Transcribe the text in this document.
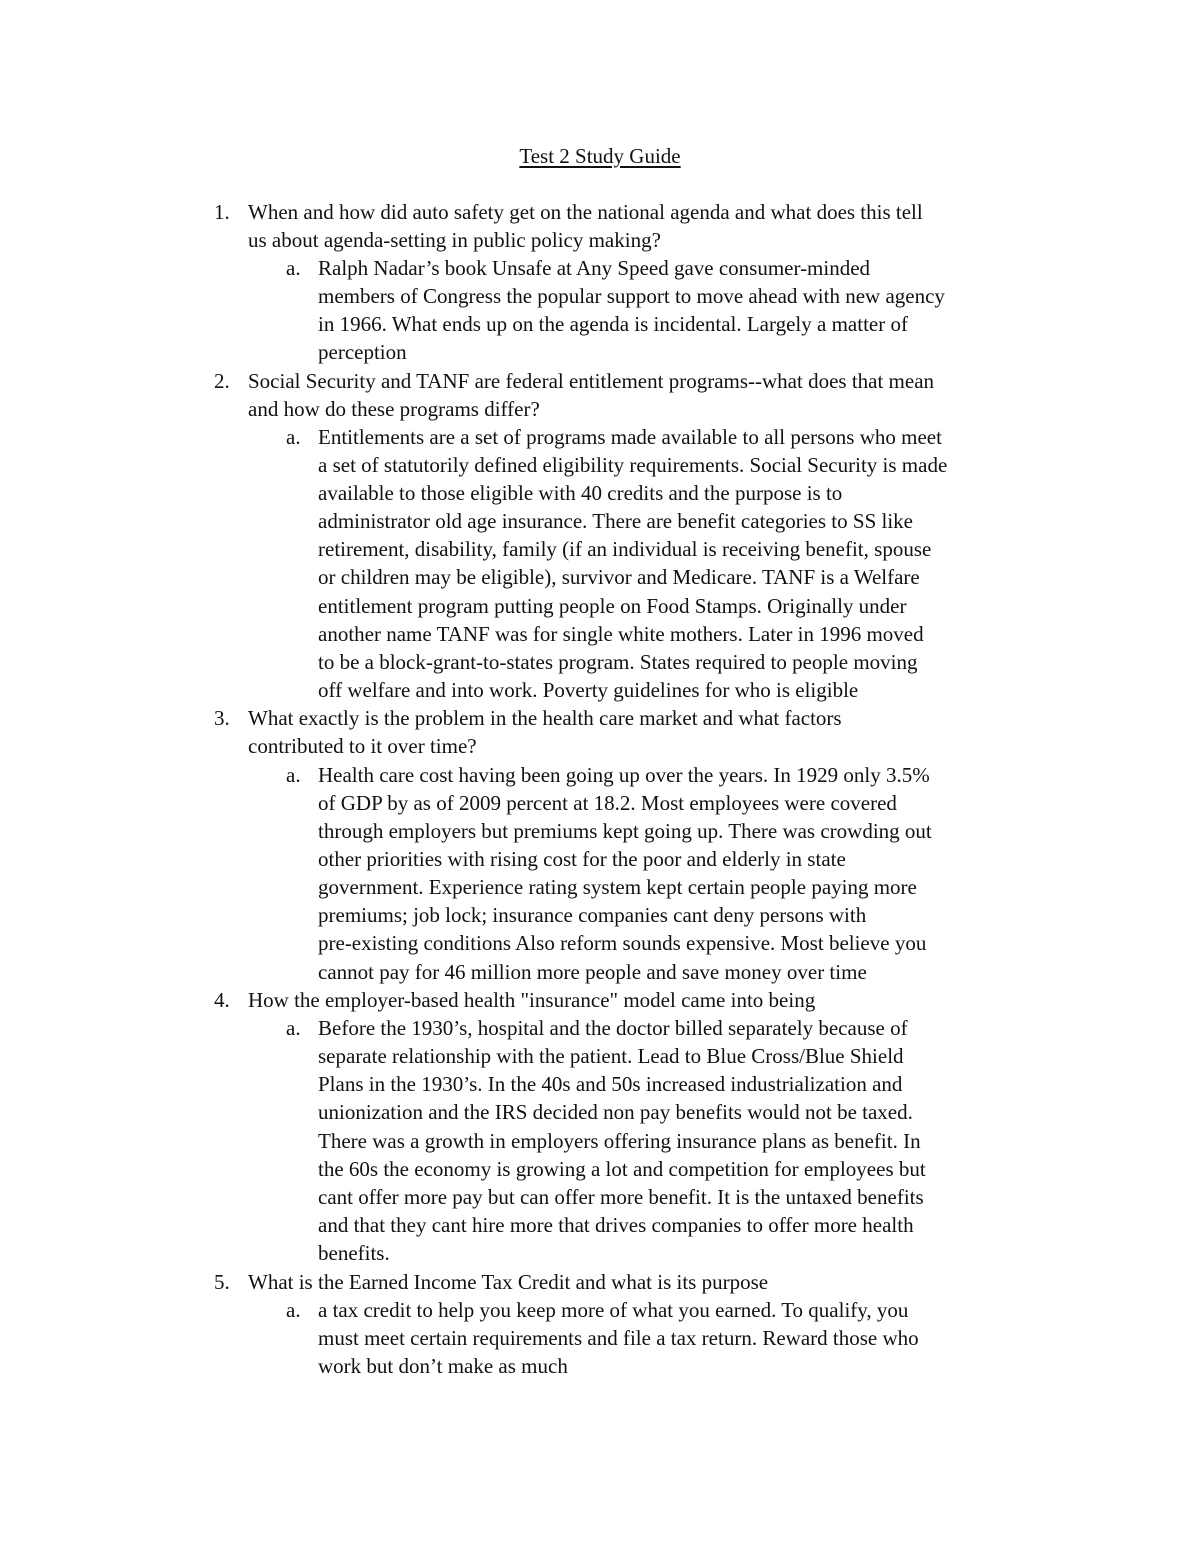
Test 2 Study Guide
1. When and how did auto safety get on the national agenda and what does this tell
us about agenda-setting in public policy making?
a. Ralph Nadar’s book Unsafe at Any Speed gave consumer-minded
members of Congress the popular support to move ahead with new agency
in 1966. What ends up on the agenda is incidental. Largely a matter of
perception
2. Social Security and TANF are federal entitlement programs--what does that mean
and how do these programs differ?
a. Entitlements are a set of programs made available to all persons who meet
a set of statutorily defined eligibility requirements. Social Security is made
available to those eligible with 40 credits and the purpose is to
administrator old age insurance. There are benefit categories to SS like
retirement, disability, family (if an individual is receiving benefit, spouse
or children may be eligible), survivor and Medicare. TANF is a Welfare
entitlement program putting people on Food Stamps. Originally under
another name TANF was for single white mothers. Later in 1996 moved
to be a block-grant-to-states program. States required to people moving
off welfare and into work. Poverty guidelines for who is eligible
3. What exactly is the problem in the health care market and what factors
contributed to it over time?
a. Health care cost having been going up over the years. In 1929 only 3.5%
of GDP by as of 2009 percent at 18.2. Most employees were covered
through employers but premiums kept going up. There was crowding out
other priorities with rising cost for the poor and elderly in state
government. Experience rating system kept certain people paying more
premiums; job lock; insurance companies cant deny persons with
pre-existing conditions Also reform sounds expensive. Most believe you
cannot pay for 46 million more people and save money over time
4. How the employer-based health "insurance" model came into being
a. Before the 1930’s, hospital and the doctor billed separately because of
separate relationship with the patient. Lead to Blue Cross/Blue Shield
Plans in the 1930’s. In the 40s and 50s increased industrialization and
unionization and the IRS decided non pay benefits would not be taxed.
There was a growth in employers offering insurance plans as benefit. In
the 60s the economy is growing a lot and competition for employees but
cant offer more pay but can offer more benefit. It is the untaxed benefits
and that they cant hire more that drives companies to offer more health
benefits.
5. What is the Earned Income Tax Credit and what is its purpose
a. a tax credit to help you keep more of what you earned. To qualify, you
must meet certain requirements and file a tax return. Reward those who
work but don’t make as much
